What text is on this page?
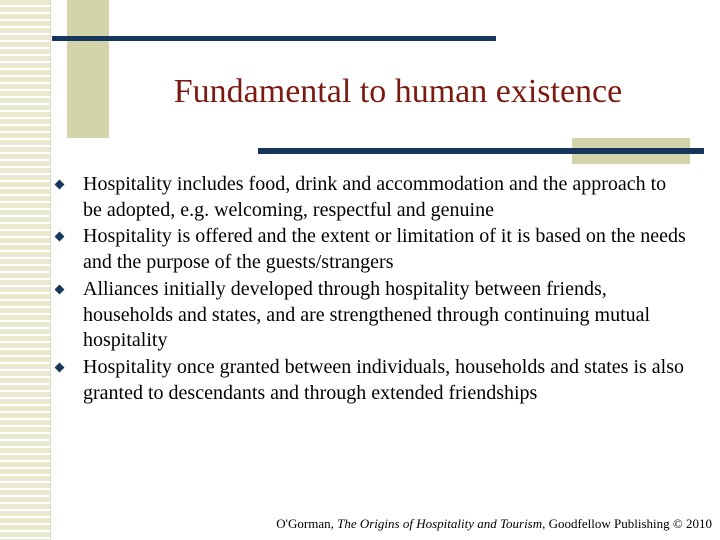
Fundamental to human existence
Hospitality includes food, drink and accommodation and the approach to be adopted, e.g. welcoming, respectful and genuine
Hospitality is offered and the extent or limitation of it is based on the needs and the purpose of the guests/strangers
Alliances initially developed through hospitality between friends, households and states, and are strengthened through continuing mutual hospitality
Hospitality once granted between individuals, households and states is also granted to descendants and through extended friendships
O'Gorman, The Origins of Hospitality and Tourism, Goodfellow Publishing © 2010
